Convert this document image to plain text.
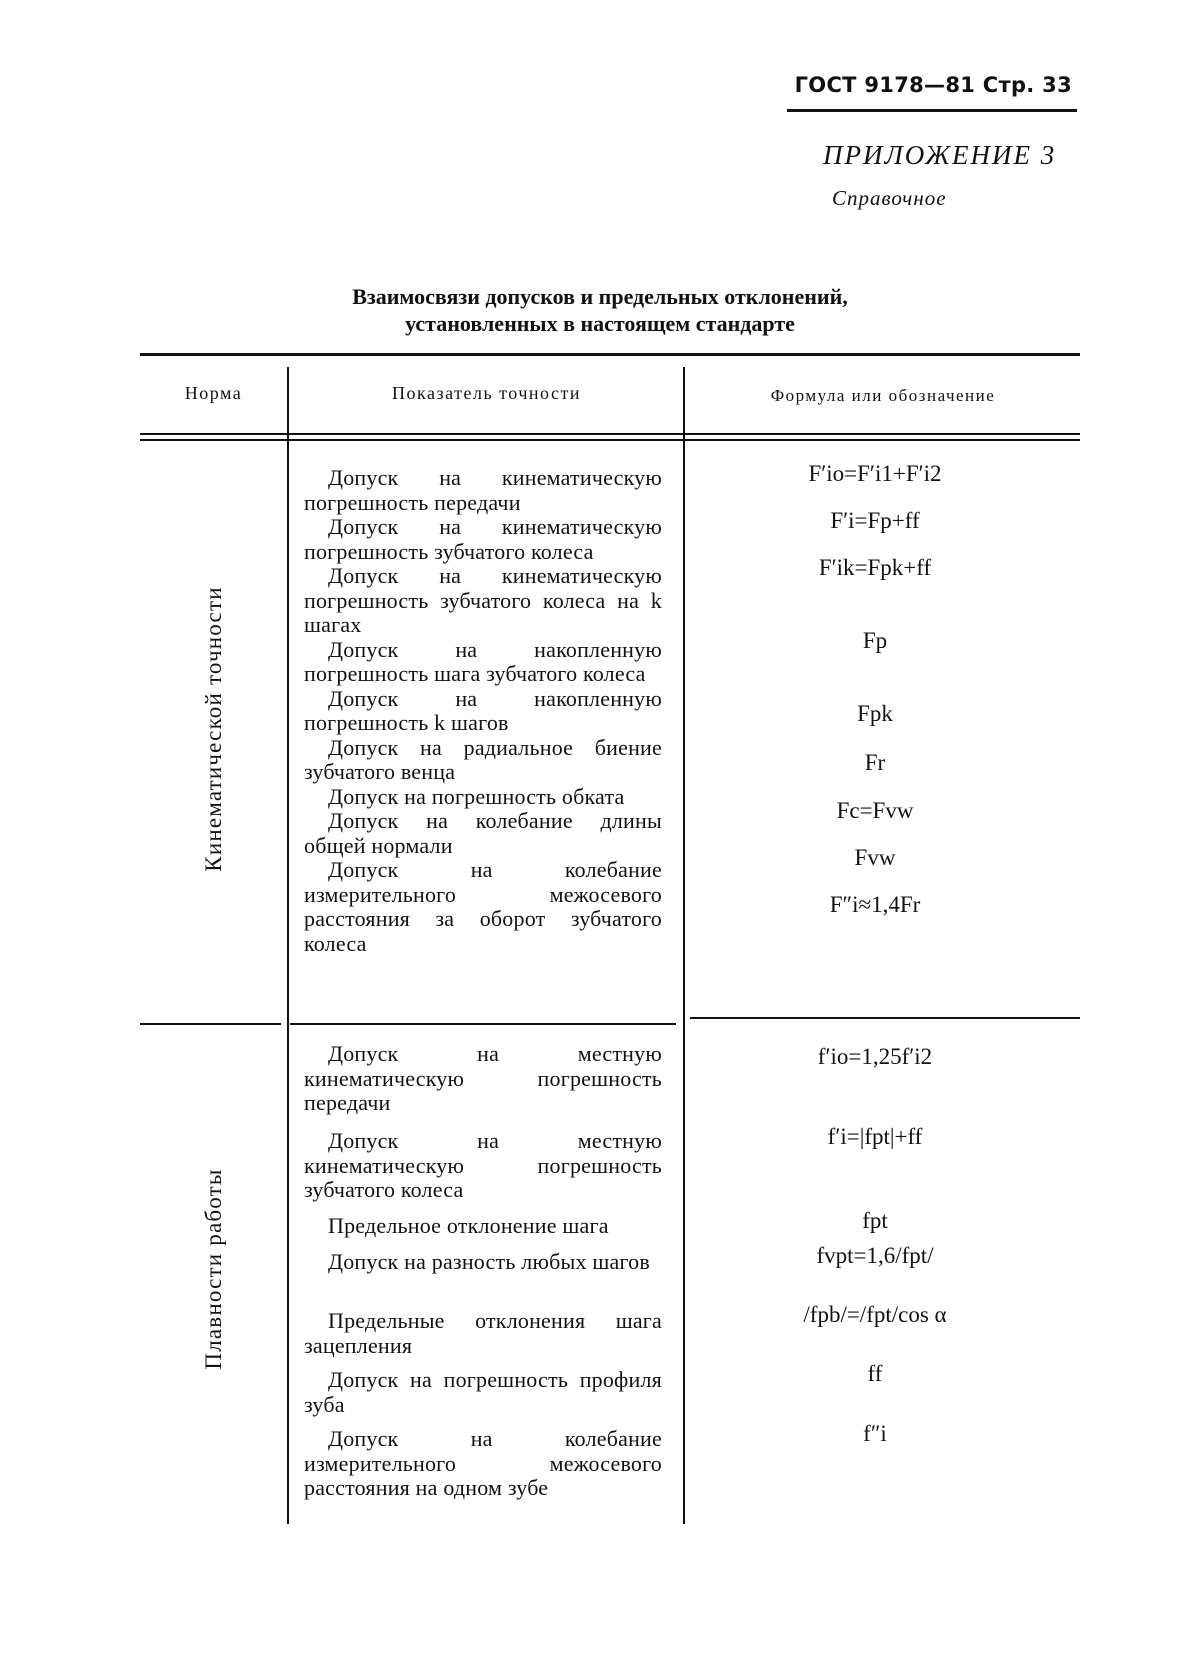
ГОСТ 9178—81 Стр. 33
ПРИЛОЖЕНИЕ 3
Справочное
Взаимосвязи допусков и предельных отклонений,
установленных в настоящем стандарте
Норма	Показатель точности	Формула или обозначение
Кинематической точности
Плавности работы

Допуск на кинематическую погрешность передачи

Допуск на кинематическую погрешность зубчатого колеса

Допуск на кинематическую погрешность зубчатого колеса на k шагах

Допуск на накопленную погрешность шага зубчатого колеса

Допуск на накопленную погрешность k шагов

Допуск на радиальное биение зубчатого венца

Допуск на погрешность обката

Допуск на колебание длины общей нормали

Допуск на колебание измерительного межосевого расстояния за оборот зубчатого колеса

F′io=F′i1+F′i2
F′i=Fp+ff
F′ik=Fpk+ff
Fp
Fpk
Fr
Fc=Fvw
Fvw
F″i≈1,4Fr

Допуск на местную кинематическую погрешность передачи

Допуск на местную кинематическую погрешность зубчатого колеса

Предельное отклонение шага

Допуск на разность любых шагов

Предельные отклонения шага зацепления

Допуск на погрешность профиля зуба

Допуск на колебание измерительного межосевого расстояния на одном зубе

f′io=1,25f′i2
f′i=|fpt|+ff
fpt
fvpt=1,6/fpt/
/fpb/=/fpt/cos α
ff
f″i
